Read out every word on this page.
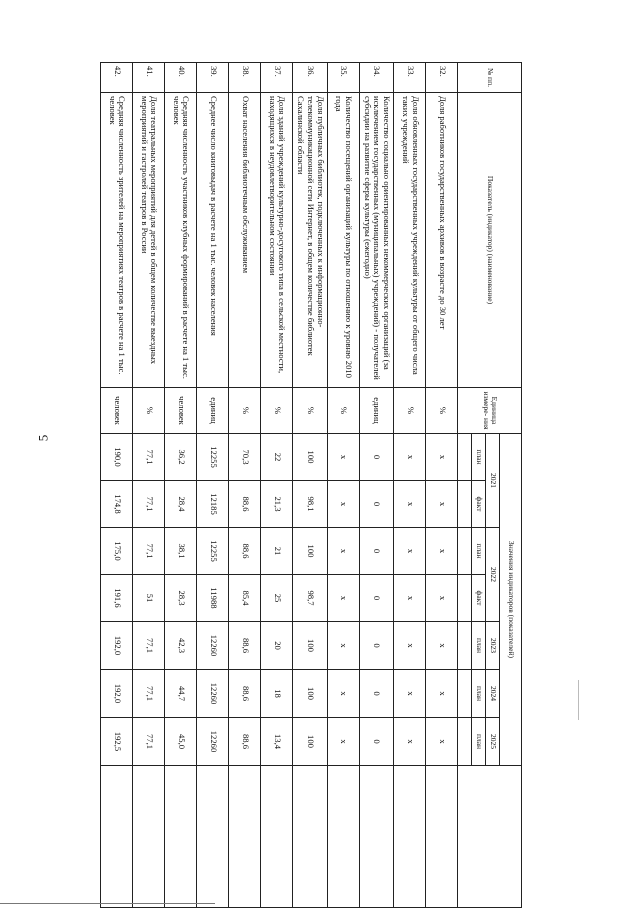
5
№ пп.	Показатель (индикатор) (наименование)	Единица измере- ния	Значения индикаторов (показателей)							
			2021		2022		2023	2024	2025	
			план	факт	план	факт	план	план	план	

32.	Доля работников государственных архивов в возрасте до 30 лет	%	х	х	х	х	х	х	х	
33.	Доля обновленных государственных учреждений культуры от общего числа таких учреждений	%	х	х	х	х	х	х	х	
34.	Количество социально ориентированных некоммерческих организаций (за исключением государственных (муниципальных) учреждений) - получателей субсидии на развитие сферы культуры (ежегодно)	единиц	0	0	0	0	0	0	0	
35.	Количество посещений организаций культуры по отношению к уровню 2010 года	%	х	х	х	х	х	х	х	
36.	Доля публичных библиотек, подключенных к информационно-телекоммуникационной сети Интернет, в общем количестве библиотек Сахалинской области	%	100	98,1	100	98,7	100	100	100	
37.	Доля зданий учреждений культурно-досугового типа в сельской местности, находящихся в неудовлетворительном состоянии	%	22	21,3	21	25	20	18	13,4	
38.	Охват населения библиотечным обслуживанием	%	70,3	88,6	88,6	85,4	88,6	88,6	88,6	
39.	Среднее число книговыдач в расчете на 1 тыс. человек населения	единиц	12255	12185	12255	11988	12260	12260	12260	
40.	Средняя численность участников клубных формирований в расчете на 1 тыс. человек	человек	36,2	28,4	38,1	28,3	42,3	44,7	45,0	
41.	Доля театральных мероприятий для детей в общем количестве выездных мероприятий и гастролей театров в России	%	77,1	77,1	77,1	51	77,1	77,1	77,1	
42.	Средняя численность зрителей на мероприятиях театров в расчете на 1 тыс. человек	человек	190,0	174,8	175,0	191,6	192,0	192,0	192,5	
